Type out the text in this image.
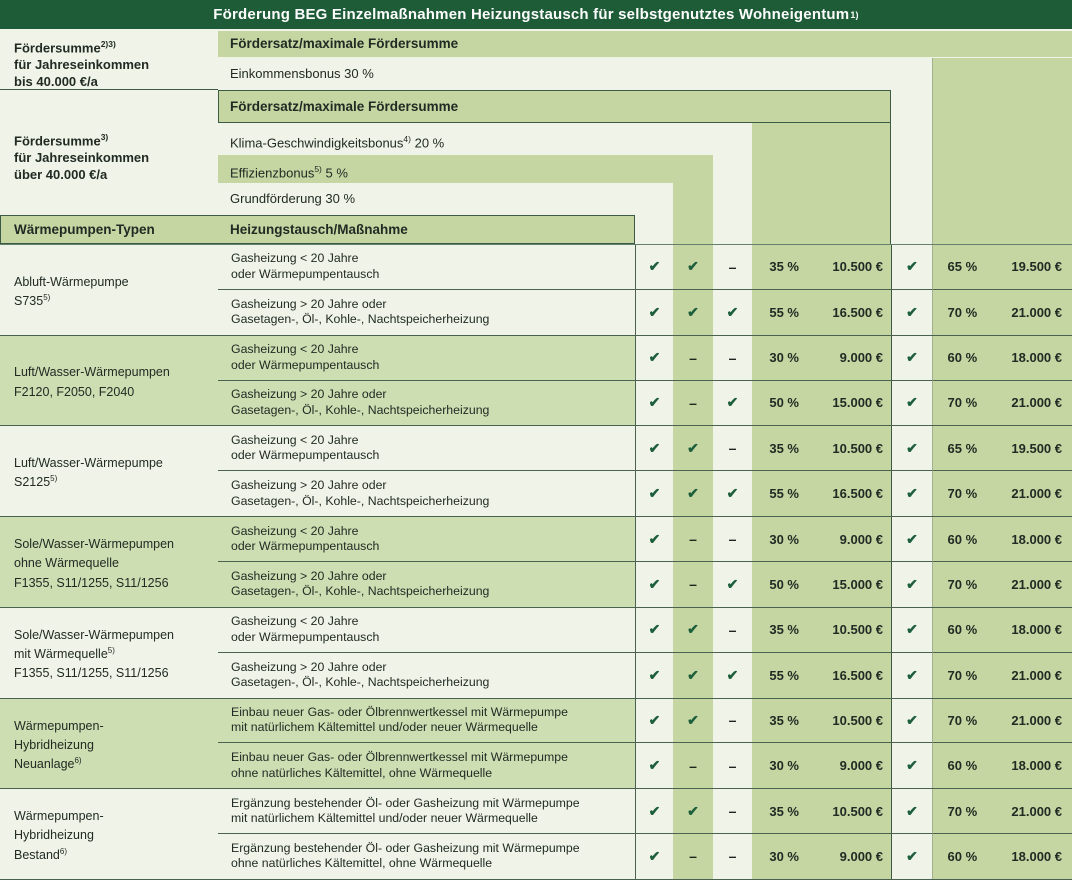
Förderung BEG Einzelmaßnahmen Heizungstausch für selbstgenutztes Wohneigentum 1)
Fördersatz/maximale Fördersumme
Einkommensbonus 30 %
Fördersatz/maximale Fördersumme
Klima-Geschwindigkeitsbonus$^{4)}$ 20 %
Effizienzbonus$^{5)}$ 5 %
Grundförderung 30 %
Wärmepumpen-Typen	Heizungstausch/Maßnahme
Fördersumme$^{2)3)}$
für Jahreseinkommen
bis 40.000 €/a
Fördersumme$^{3)}$
für Jahreseinkommen
über 40.000 €/a
Abluft-Wärmepumpe
S735$^{5)}$
Gasheizung < 20 Jahre
oder Wärmepumpentausch	✔	✔	–	35 %	10.500 €	✔	65 %	19.500 €
Gasheizung > 20 Jahre oder
Gasetagen-, Öl-, Kohle-, Nachtspeicherheizung	✔	✔	✔	55 %	16.500 €	✔	70 %	21.000 €
Luft/Wasser-Wärmepumpen
F2120, F2050, F2040
Gasheizung < 20 Jahre
oder Wärmepumpentausch	✔	–	–	30 %	9.000 €	✔	60 %	18.000 €
Gasheizung > 20 Jahre oder
Gasetagen-, Öl-, Kohle-, Nachtspeicherheizung	✔	–	✔	50 %	15.000 €	✔	70 %	21.000 €
Luft/Wasser-Wärmepumpe
S2125$^{5)}$
Gasheizung < 20 Jahre
oder Wärmepumpentausch	✔	✔	–	35 %	10.500 €	✔	65 %	19.500 €
Gasheizung > 20 Jahre oder
Gasetagen-, Öl-, Kohle-, Nachtspeicherheizung	✔	✔	✔	55 %	16.500 €	✔	70 %	21.000 €
Sole/Wasser-Wärmepumpen
ohne Wärmequelle
F1355, S11/1255, S11/1256
Gasheizung < 20 Jahre
oder Wärmepumpentausch	✔	–	–	30 %	9.000 €	✔	60 %	18.000 €
Gasheizung > 20 Jahre oder
Gasetagen-, Öl-, Kohle-, Nachtspeicherheizung	✔	–	✔	50 %	15.000 €	✔	70 %	21.000 €
Sole/Wasser-Wärmepumpen
mit Wärmequelle$^{5)}$
F1355, S11/1255, S11/1256
Gasheizung < 20 Jahre
oder Wärmepumpentausch	✔	✔	–	35 %	10.500 €	✔	60 %	18.000 €
Gasheizung > 20 Jahre oder
Gasetagen-, Öl-, Kohle-, Nachtspeicherheizung	✔	✔	✔	55 %	16.500 €	✔	70 %	21.000 €
Wärmepumpen-
Hybridheizung
Neuanlage$^{6)}$
Einbau neuer Gas- oder Ölbrennwertkessel mit Wärmepumpe
mit natürlichem Kältemittel und/oder neuer Wärmequelle	✔	✔	–	35 %	10.500 €	✔	70 %	21.000 €
Einbau neuer Gas- oder Ölbrennwertkessel mit Wärmepumpe
ohne natürliches Kältemittel, ohne Wärmequelle	✔	–	–	30 %	9.000 €	✔	60 %	18.000 €
Wärmepumpen-
Hybridheizung
Bestand$^{6)}$
Ergänzung bestehender Öl- oder Gasheizung mit Wärmepumpe
mit natürlichem Kältemittel und/oder neuer Wärmequelle	✔	✔	–	35 %	10.500 €	✔	70 %	21.000 €
Ergänzung bestehender Öl- oder Gasheizung mit Wärmepumpe
ohne natürliches Kältemittel, ohne Wärmequelle	✔	–	–	30 %	9.000 €	✔	60 %	18.000 €
